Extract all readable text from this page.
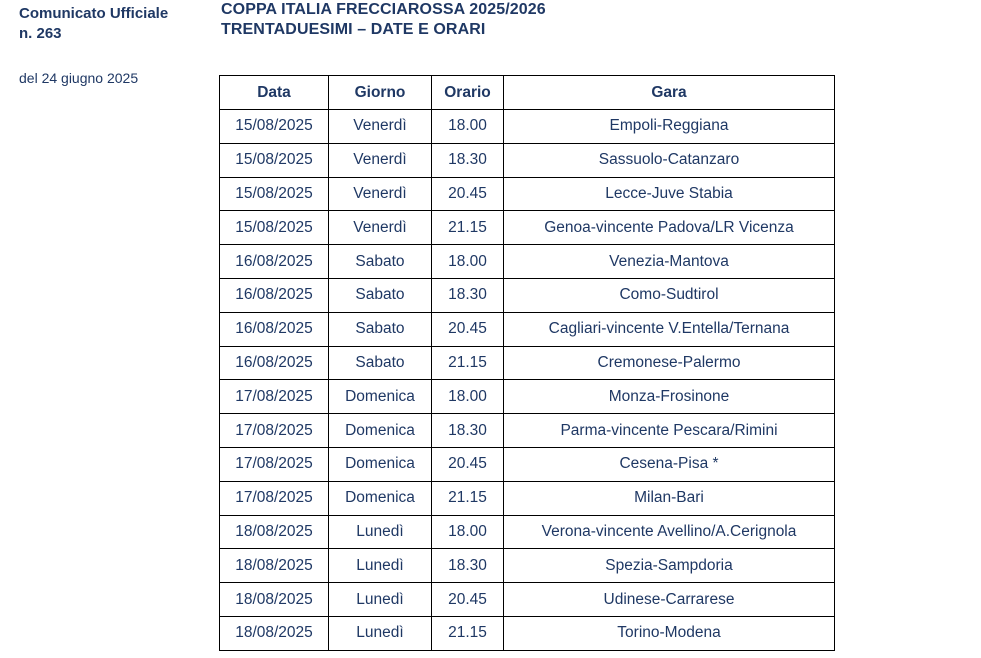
Comunicato Ufficiale
n. 263
del 24 giugno 2025
COPPA ITALIA FRECCIAROSSA 2025/2026
TRENTADUESIMI – DATE E ORARI
Data	Giorno	Orario	Gara
15/08/2025	Venerdì	18.00	Empoli-Reggiana
15/08/2025	Venerdì	18.30	Sassuolo-Catanzaro
15/08/2025	Venerdì	20.45	Lecce-Juve Stabia
15/08/2025	Venerdì	21.15	Genoa-vincente Padova/LR Vicenza
16/08/2025	Sabato	18.00	Venezia-Mantova
16/08/2025	Sabato	18.30	Como-Sudtirol
16/08/2025	Sabato	20.45	Cagliari-vincente V.Entella/Ternana
16/08/2025	Sabato	21.15	Cremonese-Palermo
17/08/2025	Domenica	18.00	Monza-Frosinone
17/08/2025	Domenica	18.30	Parma-vincente Pescara/Rimini
17/08/2025	Domenica	20.45	Cesena-Pisa *
17/08/2025	Domenica	21.15	Milan-Bari
18/08/2025	Lunedì	18.00	Verona-vincente Avellino/A.Cerignola
18/08/2025	Lunedì	18.30	Spezia-Sampdoria
18/08/2025	Lunedì	20.45	Udinese-Carrarese
18/08/2025	Lunedì	21.15	Torino-Modena
